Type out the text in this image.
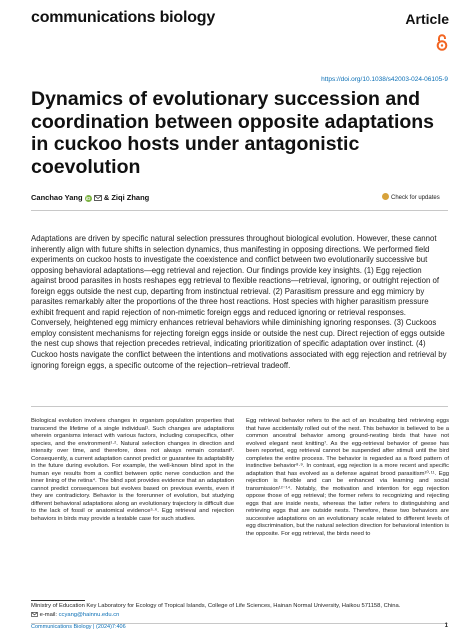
communications biology	Article
https://doi.org/10.1038/s42003-024-06105-9
Dynamics of evolutionary succession and coordination between opposite adaptations in cuckoo hosts under antagonistic coevolution
Canchao Yang iD & Ziqi Zhang	Check for updates

Adaptations are driven by specific natural selection pressures throughout biological evolution. However, these cannot inherently align with future shifts in selection dynamics, thus manifesting in opposing directions. We performed field experiments on cuckoo hosts to investigate the coexistence and conflict between two evolutionarily successive but opposing behavioral adaptations—egg retrieval and rejection. Our findings provide key insights. (1) Egg rejection against brood parasites in hosts reshapes egg retrieval to flexible reactions—retrieval, ignoring, or outright rejection of foreign eggs outside the nest cup, departing from instinctual retrieval. (2) Parasitism pressure and egg mimicry by parasites remarkably alter the proportions of the three host reactions. Host species with higher parasitism pressure exhibit frequent and rapid rejection of non-mimetic foreign eggs and reduced ignoring or retrieval responses. Conversely, heightened egg mimicry enhances retrieval behaviors while diminishing ignoring responses. (3) Cuckoos employ consistent mechanisms for rejecting foreign eggs inside or outside the nest cup. Direct rejection of eggs outside the nest cup shows that rejection precedes retrieval, indicating prioritization of specific adaptation over instinct. (4) Cuckoo hosts navigate the conflict between the intentions and motivations associated with egg rejection and retrieval by ignoring foreign eggs, a specific outcome of the rejection–retrieval tradeoff.

Biological evolution involves changes in organism population properties that transcend the lifetime of a single individual¹. Such changes are adaptations wherein organisms interact with various factors, including conspecifics, other species, and the environment¹·². Natural selection changes in direction and intensity over time, and therefore, does not always remain constant³. Consequently, a current adaptation cannot predict or guarantee its adaptability in the future during evolution. For example, the well-known blind spot in the human eye results from a conflict between optic nerve conduction and the inner lining of the retina⁴. The blind spot provides evidence that an adaptation cannot predict consequences but evolves based on previous events, even if they are contradictory. Behavior is the forerunner of evolution, but studying different behavioral adaptations along an evolutionary trajectory is difficult due to the lack of fossil or anatomical evidence⁵·⁶. Egg retrieval and rejection behaviors in birds may provide a testable case for such studies.

Egg retrieval behavior refers to the act of an incubating bird retrieving eggs that have accidentally rolled out of the nest. This behavior is believed to be a common ancestral behavior among ground-nesting birds that have not evolved elegant nest knitting⁷. As the egg-retrieval behavior of geese has been reported, egg retrieval cannot be suspended after stimuli until the bird completes the entire process. The behavior is regarded as a fixed pattern of instinctive behavior⁸·⁹. In contrast, egg rejection is a more recent and specific adaptation that has evolved as a defense against brood parasitism¹⁰·¹¹. Egg rejection is flexible and can be enhanced via learning and social transmission¹²⁻¹⁴. Notably, the motivation and intention for egg rejection oppose those of egg retrieval; the former refers to recognizing and rejecting eggs that are inside nests, whereas the latter refers to distinguishing and retrieving eggs that are outside nests. Therefore, these two behaviors are successive adaptations on an evolutionary scale related to different levels of egg discrimination, but the natural selection direction for behavioral intention is the opposite. For egg retrieval, the birds need to

Ministry of Education Key Laboratory for Ecology of Tropical Islands, College of Life Sciences, Hainan Normal University, Haikou 571158, China.
e-mail: ccyang@hainnu.edu.cn
Communications Biology | (2024)7:406	1
